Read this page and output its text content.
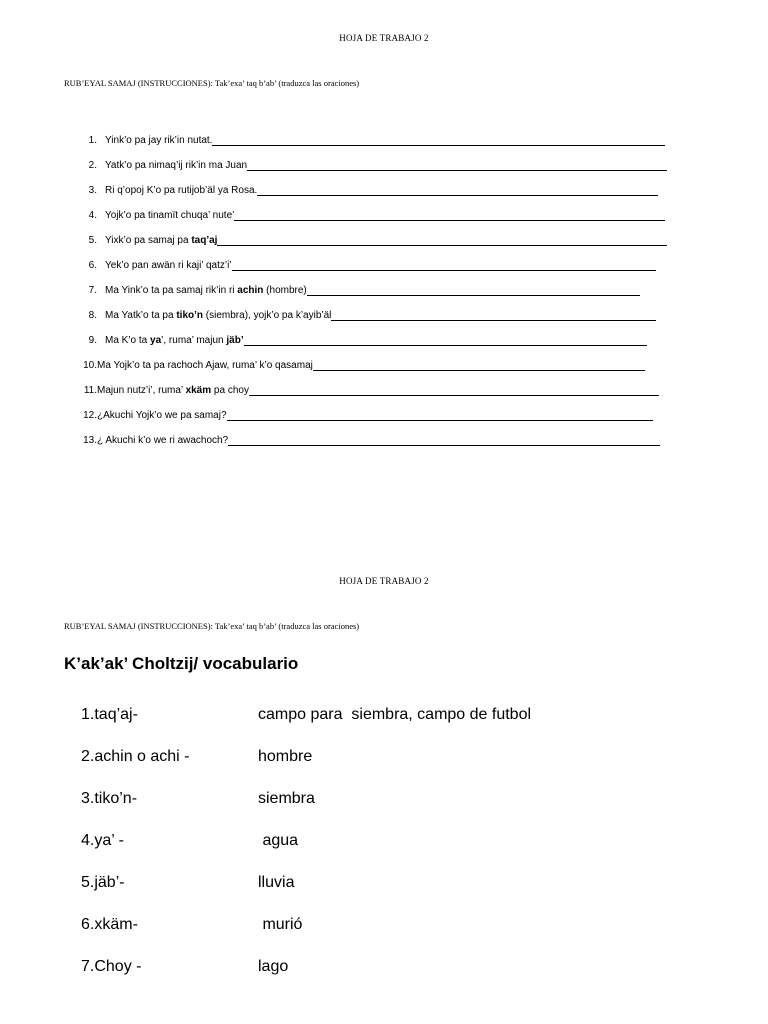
HOJA DE TRABAJO 2
RUB’EYAL SAMAJ (INSTRUCCIONES): Tak’exa’ taq b’ab’ (traduzca las oraciones)
1. Yink’o pa jay rik’in nutat.
2. Yatk’o pa nimaq’ij rik’in ma Juan
3. Ri q’opoj K’o pa rutijob’äl ya Rosa.
4. Yojk’o pa tinamït chuqa’ nute’
5. Yixk’o pa samaj pa taq’aj
6. Yek’o pan awän ri kaji’ qatz’i’
7. Ma Yink’o ta pa samaj rik’in ri achin (hombre)
8. Ma Yatk’o ta pa tiko’n (siembra), yojk’o pa k’ayib’äl
9. Ma K’o ta ya’, ruma’ majun jäb’
10. Ma Yojk’o ta pa rachoch Ajaw, ruma’ k’o qasamaj
11. Majun nutz’i’, ruma’ xkäm pa choy
12. ¿Akuchi Yojk’o we pa samaj?
13. ¿ Akuchi k’o we ri awachoch?
HOJA DE TRABAJO 2
RUB’EYAL SAMAJ (INSTRUCCIONES): Tak’exa’ taq b’ab’ (traduzca las oraciones)
K’ak’ak’ Choltzij/ vocabulario
1.taq’aj-	campo para  siembra, campo de futbol
2.achin o achi -	hombre
3.tiko’n-	siembra
4.ya’ -	agua
5.jäb’-	lluvia
6.xkäm-	murió
7.Choy -	lago
